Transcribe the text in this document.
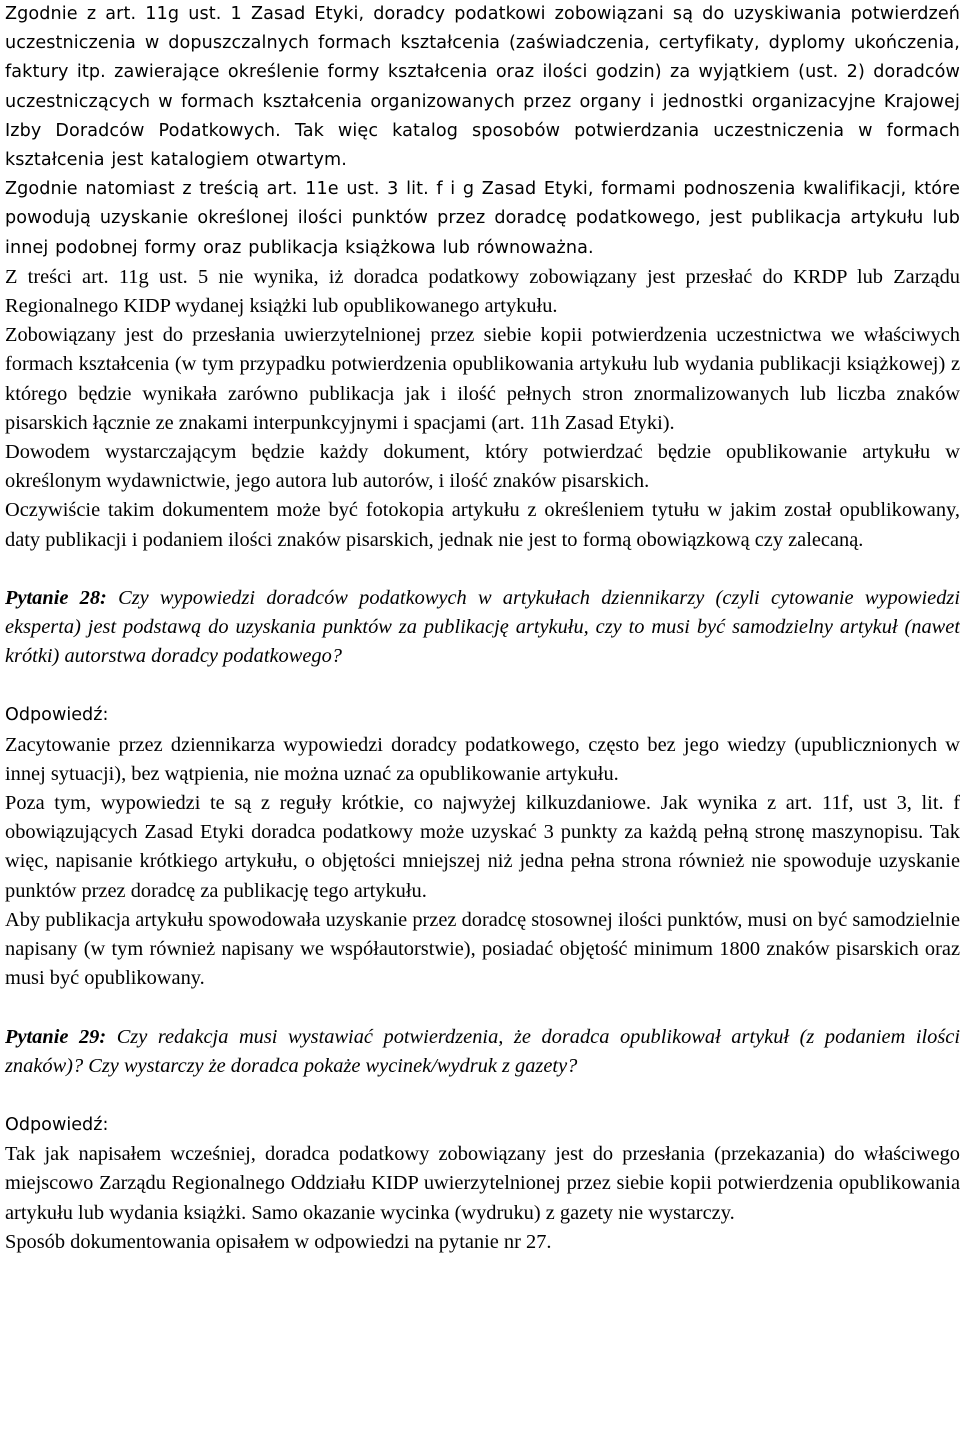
Zgodnie z art. 11g ust. 1 Zasad Etyki, doradcy podatkowi zobowiązani są do uzyskiwania potwierdzeń uczestniczenia w dopuszczalnych formach kształcenia (zaświadczenia, certyfikaty, dyplomy ukończenia, faktury itp. zawierające określenie formy kształcenia oraz ilości godzin) za wyjątkiem (ust. 2) doradców uczestniczących w formach kształcenia organizowanych przez organy i jednostki organizacyjne Krajowej Izby Doradców Podatkowych. Tak więc katalog sposobów potwierdzania uczestniczenia w formach kształcenia jest katalogiem otwartym.

Zgodnie natomiast z treścią art. 11e ust. 3 lit. f i g Zasad Etyki, formami podnoszenia kwalifikacji, które powodują uzyskanie określonej ilości punktów przez doradcę podatkowego, jest publikacja artykułu lub innej podobnej formy oraz publikacja książkowa lub równoważna.

Z treści art. 11g ust. 5 nie wynika, iż doradca podatkowy zobowiązany jest przesłać do KRDP lub Zarządu Regionalnego KIDP wydanej książki lub opublikowanego artykułu.

Zobowiązany jest do przesłania uwierzytelnionej przez siebie kopii potwierdzenia uczestnictwa we właściwych formach kształcenia (w tym przypadku potwierdzenia opublikowania artykułu lub wydania publikacji książkowej) z którego będzie wynikała zarówno publikacja jak i ilość pełnych stron znormalizowanych lub liczba znaków pisarskich łącznie ze znakami interpunkcyjnymi i spacjami (art. 11h Zasad Etyki).

Dowodem wystarczającym będzie każdy dokument, który potwierdzać będzie opublikowanie artykułu w określonym wydawnictwie, jego autora lub autorów, i ilość znaków pisarskich.

Oczywiście takim dokumentem może być fotokopia artykułu z określeniem tytułu w jakim został opublikowany, daty publikacji i podaniem ilości znaków pisarskich, jednak nie jest to formą obowiązkową czy zalecaną.

Pytanie 28: Czy wypowiedzi doradców podatkowych w artykułach dziennikarzy (czyli cytowanie wypowiedzi eksperta) jest podstawą do uzyskania punktów za publikację artykułu, czy to musi być samodzielny artykuł (nawet krótki) autorstwa doradcy podatkowego?

Odpowiedź:

Zacytowanie przez dziennikarza wypowiedzi doradcy podatkowego, często bez jego wiedzy (upublicznionych w innej sytuacji), bez wątpienia, nie można uznać za opublikowanie artykułu.

Poza tym, wypowiedzi te są z reguły krótkie, co najwyżej kilkuzdaniowe. Jak wynika z art. 11f, ust 3, lit. f obowiązujących Zasad Etyki doradca podatkowy może uzyskać 3 punkty za każdą pełną stronę maszynopisu. Tak więc, napisanie krótkiego artykułu, o objętości mniejszej niż jedna pełna strona również nie spowoduje uzyskanie punktów przez doradcę za publikację tego artykułu.

Aby publikacja artykułu spowodowała uzyskanie przez doradcę stosownej ilości punktów, musi on być samodzielnie napisany (w tym również napisany we współautorstwie), posiadać objętość minimum 1800 znaków pisarskich oraz musi być opublikowany.

Pytanie 29: Czy redakcja musi wystawiać potwierdzenia, że doradca opublikował artykuł (z podaniem ilości znaków)? Czy wystarczy że doradca pokaże wycinek/wydruk z gazety?

Odpowiedź:

Tak jak napisałem wcześniej, doradca podatkowy zobowiązany jest do przesłania (przekazania) do właściwego miejscowo Zarządu Regionalnego Oddziału KIDP uwierzytelnionej przez siebie kopii potwierdzenia opublikowania artykułu lub wydania książki. Samo okazanie wycinka (wydruku) z gazety nie wystarczy.

Sposób dokumentowania opisałem w odpowiedzi na pytanie nr 27.
